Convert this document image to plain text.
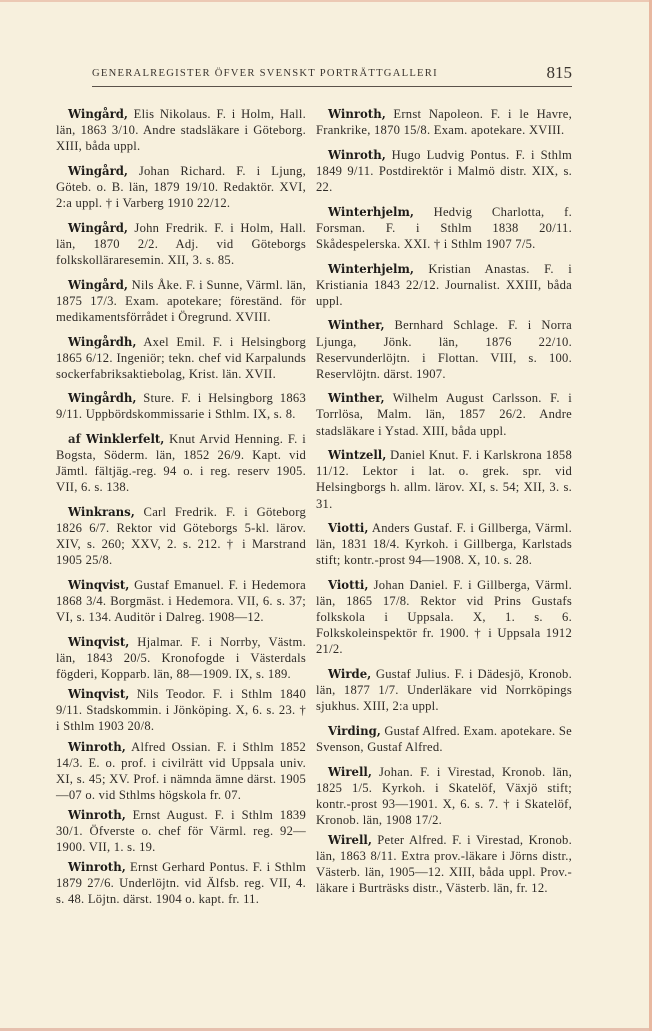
GENERALREGISTER ÖFVER SVENSKT PORTRÄTTGALLERI	815

Wingård, Elis Nikolaus. F. i Holm, Hall. län, 1863 3/10. Andre stadsläkare i Göteborg. XIII, båda uppl.

Wingård, Johan Richard. F. i Ljung, Göteb. o. B. län, 1879 19/10. Redaktör. XVI, 2:a uppl. † i Varberg 1910 22/12.

Wingård, John Fredrik. F. i Holm, Hall. län, 1870 2/2. Adj. vid Göteborgs folkskolläraresemin. XII, 3. s. 85.

Wingård, Nils Åke. F. i Sunne, Värml. län, 1875 17/3. Exam. apotekare; föreständ. för medikamentsförrådet i Öregrund. XVIII.

Wingårdh, Axel Emil. F. i Helsingborg 1865 6/12. Ingeniör; tekn. chef vid Karpalunds sockerfabriksaktiebolag, Krist. län. XVII.

Wingårdh, Sture. F. i Helsingborg 1863 9/11. Uppbördskommissarie i Sthlm. IX, s. 8.

af Winklerfelt, Knut Arvid Henning. F. i Bogsta, Söderm. län, 1852 26/9. Kapt. vid Jämtl. fältjäg.-reg. 94 o. i reg. reserv 1905. VII, 6. s. 138.

Winkrans, Carl Fredrik. F. i Göteborg 1826 6/7. Rektor vid Göteborgs 5-kl. lärov. XIV, s. 260; XXV, 2. s. 212. † i Marstrand 1905 25/8.

Winqvist, Gustaf Emanuel. F. i Hedemora 1868 3/4. Borgmäst. i Hedemora. VII, 6. s. 37; VI, s. 134. Auditör i Dalreg. 1908—12.

Winqvist, Hjalmar. F. i Norrby, Västm. län, 1843 20/5. Kronofogde i Västerdals fögderi, Kopparb. län, 88—1909. IX, s. 189.

Winqvist, Nils Teodor. F. i Sthlm 1840 9/11. Stadskommin. i Jönköping. X, 6. s. 23. † i Sthlm 1903 20/8.

Winroth, Alfred Ossian. F. i Sthlm 1852 14/3. E. o. prof. i civilrätt vid Uppsala univ. XI, s. 45; XV. Prof. i nämnda ämne därst. 1905—07 o. vid Sthlms högskola fr. 07.

Winroth, Ernst August. F. i Sthlm 1839 30/1. Öfverste o. chef för Värml. reg. 92—1900. VII, 1. s. 19.

Winroth, Ernst Gerhard Pontus. F. i Sthlm 1879 27/6. Underlöjtn. vid Älfsb. reg. VII, 4. s. 48. Löjtn. därst. 1904 o. kapt. fr. 11.

Winroth, Ernst Napoleon. F. i le Havre, Frankrike, 1870 15/8. Exam. apotekare. XVIII.

Winroth, Hugo Ludvig Pontus. F. i Sthlm 1849 9/11. Postdirektör i Malmö distr. XIX, s. 22.

Winterhjelm, Hedvig Charlotta, f. Forsman. F. i Sthlm 1838 20/11. Skådespelerska. XXI. † i Sthlm 1907 7/5.

Winterhjelm, Kristian Anastas. F. i Kristiania 1843 22/12. Journalist. XXIII, båda uppl.

Winther, Bernhard Schlage. F. i Norra Ljunga, Jönk. län, 1876 22/10. Reservunderlöjtn. i Flottan. VIII, s. 100. Reservlöjtn. därst. 1907.

Winther, Wilhelm August Carlsson. F. i Torrlösa, Malm. län, 1857 26/2. Andre stadsläkare i Ystad. XIII, båda uppl.

Wintzell, Daniel Knut. F. i Karlskrona 1858 11/12. Lektor i lat. o. grek. spr. vid Helsingborgs h. allm. lärov. XI, s. 54; XII, 3. s. 31.

Viotti, Anders Gustaf. F. i Gillberga, Värml. län, 1831 18/4. Kyrkoh. i Gillberga, Karlstads stift; kontr.-prost 94—1908. X, 10. s. 28.

Viotti, Johan Daniel. F. i Gillberga, Värml. län, 1865 17/8. Rektor vid Prins Gustafs folkskola i Uppsala. X, 1. s. 6. Folkskoleinspektör fr. 1900. † i Uppsala 1912 21/2.

Wirde, Gustaf Julius. F. i Dädesjö, Kronob. län, 1877 1/7. Underläkare vid Norrköpings sjukhus. XIII, 2:a uppl.

Virding, Gustaf Alfred. Exam. apotekare. Se Svenson, Gustaf Alfred.

Wirell, Johan. F. i Virestad, Kronob. län, 1825 1/5. Kyrkoh. i Skatelöf, Växjö stift; kontr.-prost 93—1901. X, 6. s. 7. † i Skatelöf, Kronob. län, 1908 17/2.

Wirell, Peter Alfred. F. i Virestad, Kronob. län, 1863 8/11. Extra prov.-läkare i Jörns distr., Västerb. län, 1905—12. XIII, båda uppl. Prov.-läkare i Burträsks distr., Västerb. län, fr. 12.
